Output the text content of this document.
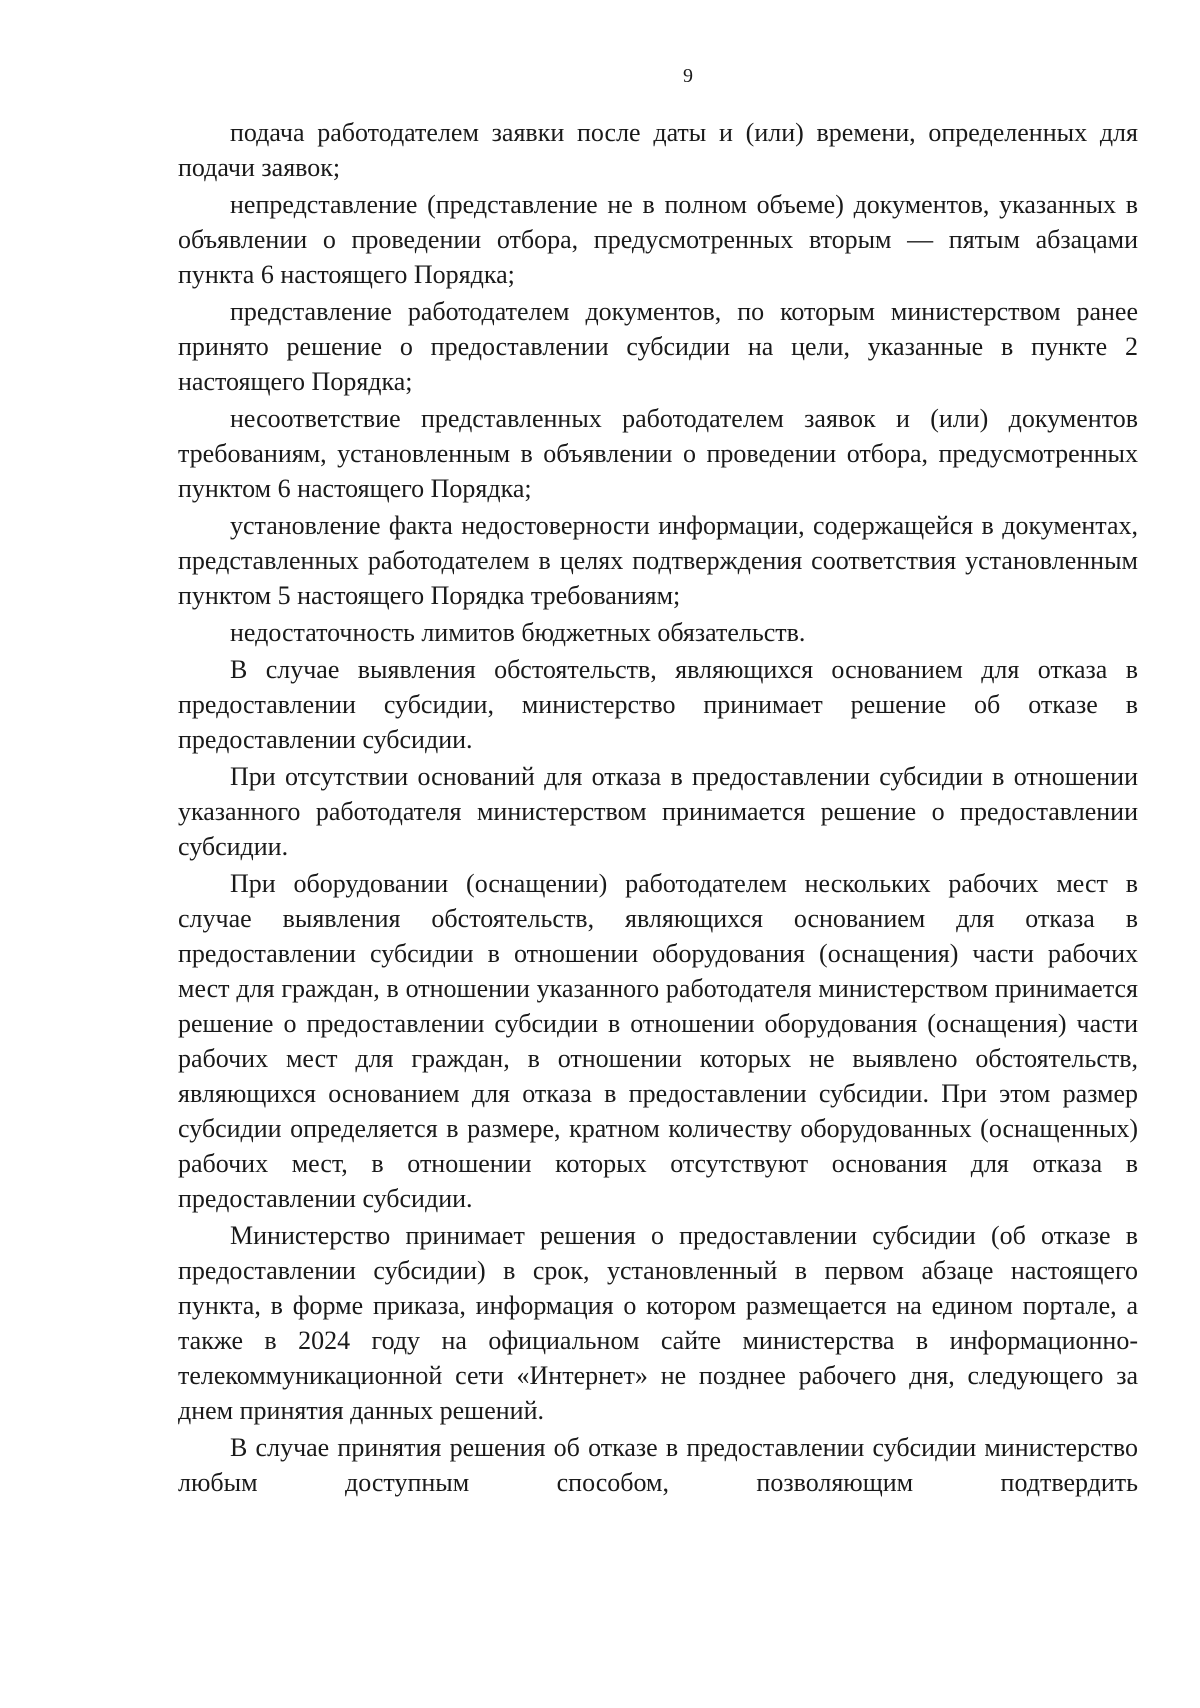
9

подача работодателем заявки после даты и (или) времени, определенных для подачи заявок;

непредставление (представление не в полном объеме) документов, указанных в объявлении о проведении отбора, предусмотренных вторым — пятым абзацами пункта 6 настоящего Порядка;

представление работодателем документов, по которым министерством ранее принято решение о предоставлении субсидии на цели, указанные в пункте 2 настоящего Порядка;

несоответствие представленных работодателем заявок и (или) документов требованиям, установленным в объявлении о проведении отбора, предусмотренных пунктом 6 настоящего Порядка;

установление факта недостоверности информации, содержащейся в документах, представленных работодателем в целях подтверждения соответствия установленным пунктом 5 настоящего Порядка требованиям;

недостаточность лимитов бюджетных обязательств.

В случае выявления обстоятельств, являющихся основанием для отказа в предоставлении субсидии, министерство принимает решение об отказе в предоставлении субсидии.

При отсутствии оснований для отказа в предоставлении субсидии в отношении указанного работодателя министерством принимается решение о предоставлении субсидии.

При оборудовании (оснащении) работодателем нескольких рабочих мест в случае выявления обстоятельств, являющихся основанием для отказа в предоставлении субсидии в отношении оборудования (оснащения) части рабочих мест для граждан, в отношении указанного работодателя министерством принимается решение о предоставлении субсидии в отношении оборудования (оснащения) части рабочих мест для граждан, в отношении которых не выявлено обстоятельств, являющихся основанием для отказа в предоставлении субсидии. При этом размер субсидии определяется в размере, кратном количеству оборудованных (оснащенных) рабочих мест, в отношении которых отсутствуют основания для отказа в предоставлении субсидии.

Министерство принимает решения о предоставлении субсидии (об отказе в предоставлении субсидии) в срок, установленный в первом абзаце настоящего пункта, в форме приказа, информация о котором размещается на едином портале, а также в 2024 году на официальном сайте министерства в информационно-телекоммуникационной сети «Интернет» не позднее рабочего дня, следующего за днем принятия данных решений.

В случае принятия решения об отказе в предоставлении субсидии министерство любым доступным способом, позволяющим подтвердить
